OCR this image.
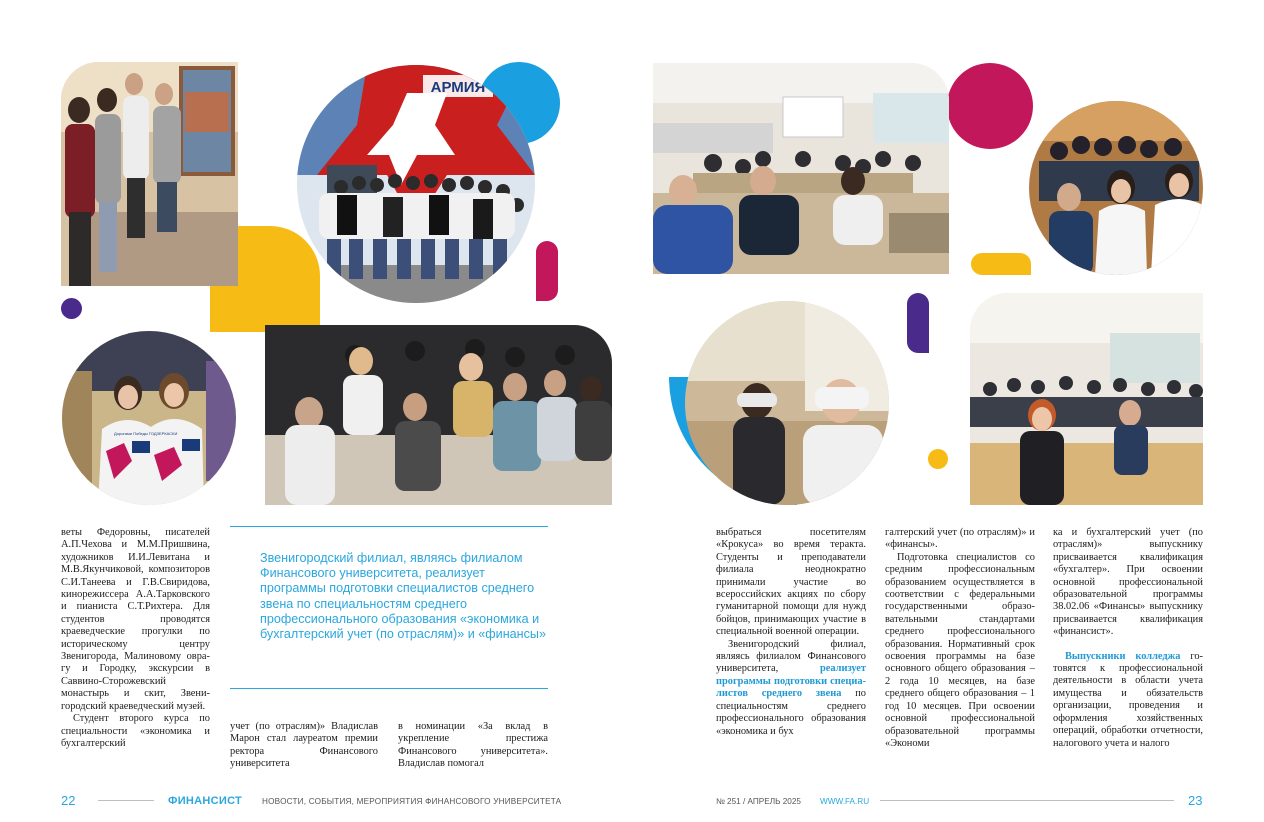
АРМИЯ
Дорогами Победы ГОДЗЕРКАСКИ

веты Федоровны, писателей А.П.Чехова и М.М.Пришвина, художников И.И.Левитана и М.В.Якунчиковой, композиторов С.И.Танеева и Г.В.Свиридова, кинорежиссера А.А.Тарковского и пианиста С.Т.Рихтера. Для студентов проводятся краеведческие прогулки по историческому центру Звенигорода, Малиновому оврагу и Городку, экскурсии в Саввино-Сторожевский монастырь и скит, Звенигородский краеведческий музей.

Студент второго курса по специальности «экономика и бухгалтерский

Звенигородский филиал, являясь филиалом Финансового университета, реализует программы подготовки специалистов среднего звена по специальностям среднего профессионального образования «экономика и бухгалтерский учет (по отраслям)» и «финансы»

учет (по отраслям)» Владислав Марон стал лауреатом премии ректора Финансового университета

в номинации «За вклад в укрепление престижа Финансового университета». Владислав помогал

22	ФИНАНСИСТ НОВОСТИ, СОБЫТИЯ, МЕРОПРИЯТИЯ ФИНАНСОВОГО УНИВЕРСИТЕТА

выбраться посетителям «Крокуса» во время теракта. Студенты и преподаватели филиала неоднократно принимали участие во всероссийских акциях по сбору гуманитарной помощи для нужд бойцов, принимающих участие в специальной военной операции.

Звенигородский филиал, являясь филиалом Финансового университета,	реализует программы подготовки специалистов среднего звена по специальностям среднего профессионального образования «экономика и бух

галтерский учет (по отраслям)» и «финансы».

Подготовка специалистов со средним профессиональным образованием осуществляется в соответствии с федеральными государственными образовательными стандартами среднего профессионального образования. Нормативный срок освоения программы на базе основного общего образования – 2 года 10 месяцев, на базе среднего общего образования – 1 год 10 месяцев. При освоении основной профессиональной образовательной программы «Экономи

ка и бухгалтерский учет (по отраслям)» выпускнику присваивается квалификация «бухгалтер». При освоении основной профессиональной образовательной программы 38.02.06 «Финансы» выпускнику присваивается квалификация «финансист».

Выпускники колледжа готовятся к профессиональной деятельности в области учета имущества и обязательств организации, проведения и оформления хозяйственных операций, обработки отчетности, налогового учета и налого

№ 251 / АПРЕЛЬ 2025 WWW.FA.RU	23
